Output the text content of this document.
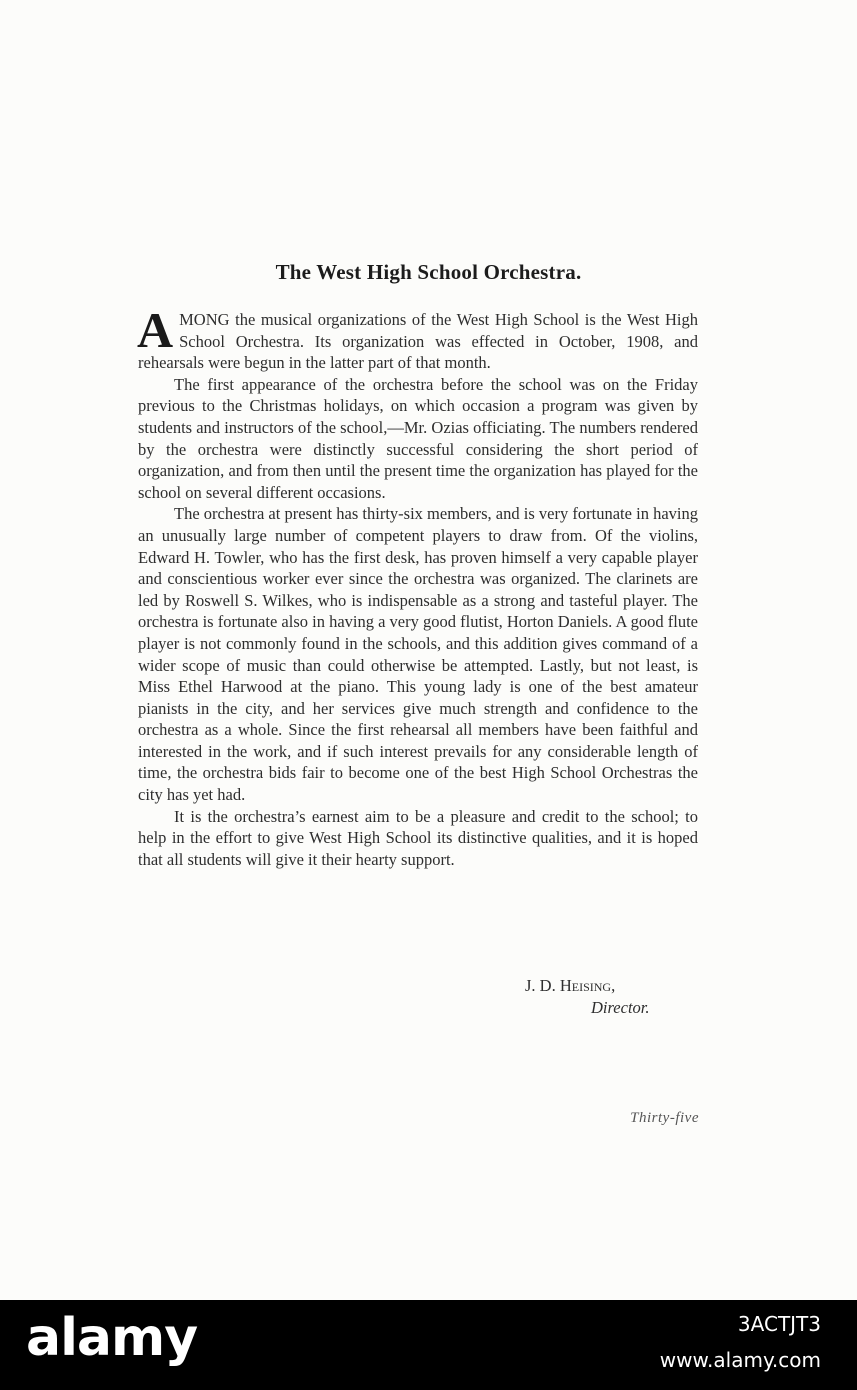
The West High School Orchestra.

AMONG the musical organizations of the West High School is the West High School Orchestra. Its organization was effected in October, 1908, and rehearsals were begun in the latter part of that month.

The first appearance of the orchestra before the school was on the Friday previous to the Christmas holidays, on which occasion a program was given by students and instructors of the school,—Mr. Ozias officiating. The numbers rendered by the orchestra were distinctly successful considering the short period of organization, and from then until the present time the organization has played for the school on several different occasions.

The orchestra at present has thirty-six members, and is very fortunate in having an unusually large number of competent players to draw from. Of the violins, Edward H. Towler, who has the first desk, has proven himself a very capable player and conscientious worker ever since the orchestra was organized. The clarinets are led by Roswell S. Wilkes, who is indispensable as a strong and tasteful player. The orchestra is fortunate also in having a very good flutist, Horton Daniels. A good flute player is not commonly found in the schools, and this addition gives command of a wider scope of music than could otherwise be attempted. Lastly, but not least, is Miss Ethel Harwood at the piano. This young lady is one of the best amateur pianists in the city, and her services give much strength and confidence to the orchestra as a whole. Since the first rehearsal all members have been faithful and interested in the work, and if such interest prevails for any considerable length of time, the orchestra bids fair to become one of the best High School Orchestras the city has yet had.

It is the orchestra’s earnest aim to be a pleasure and credit to the school; to help in the effort to give West High School its distinctive qualities, and it is hoped that all students will give it their hearty support.

J. D. Heising,
Director.
Thirty-five
alamy	3ACTJT3
www.alamy.com
